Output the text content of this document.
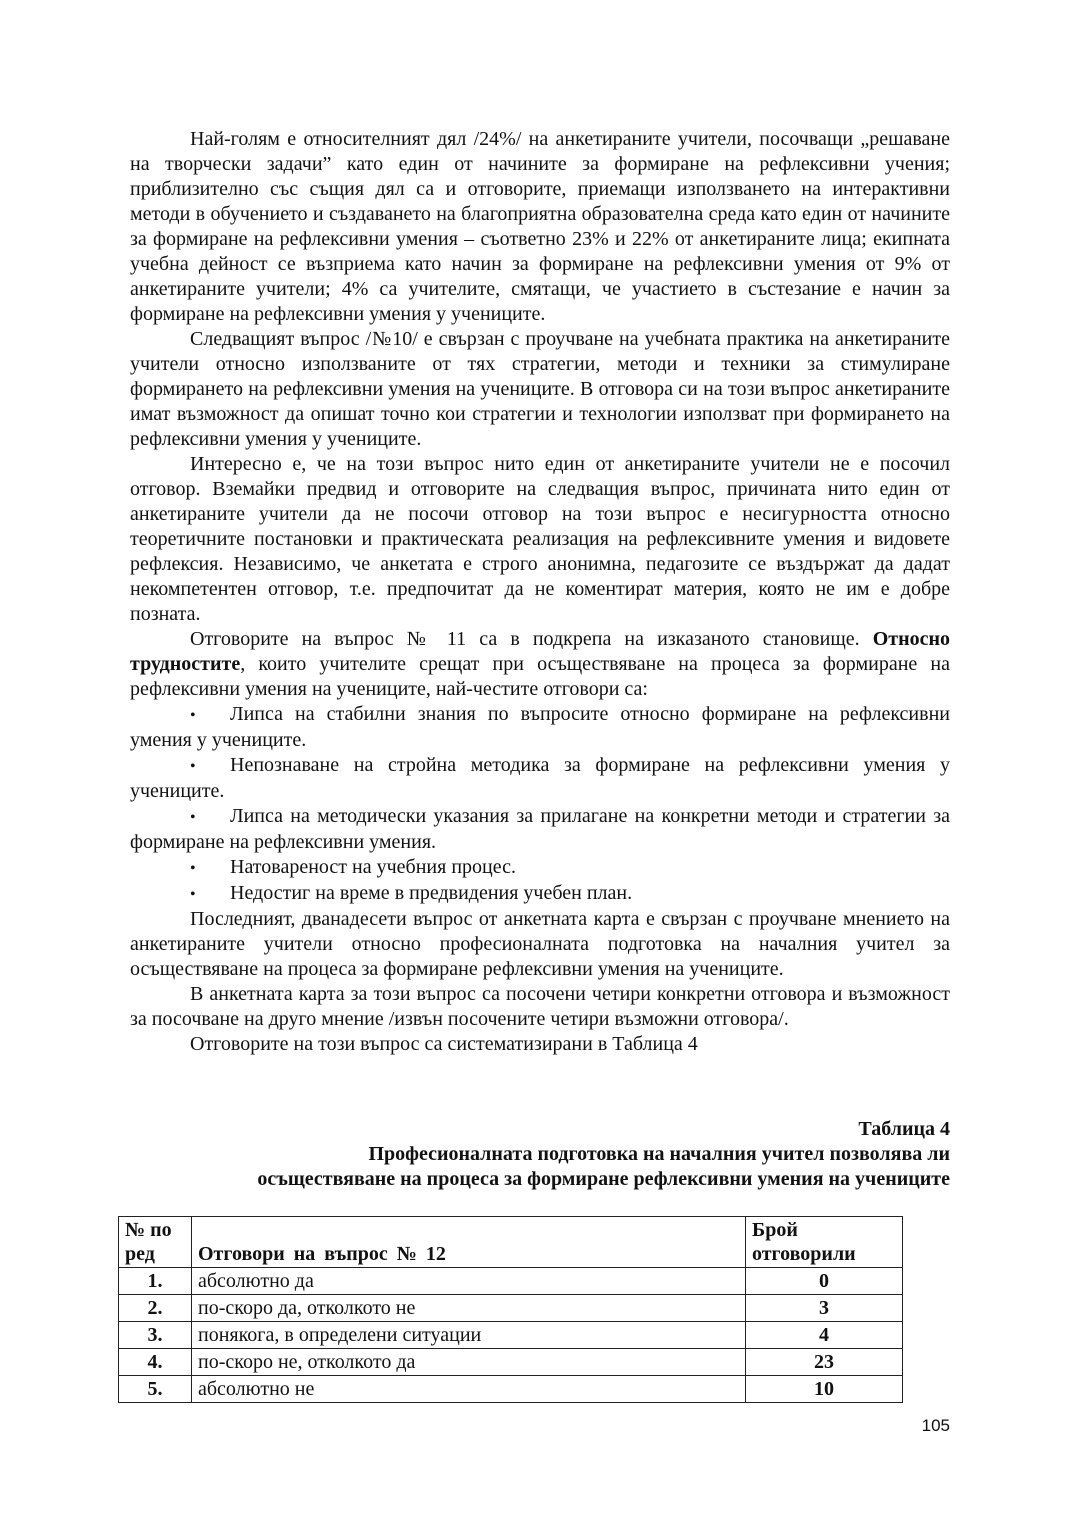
Най-голям е относителният дял /24%/ на анкетираните учители, посочващи „решаване на творчески задачи” като един от начините за формиране на рефлексивни учения; приблизително със същия дял са и отговорите, приемащи използването на интерактивни методи в обучението и създаването на благоприятна образователна среда като един от начините за формиране на рефлексивни умения – съответно 23% и 22% от анкетираните лица; екипната учебна дейност се възприема като начин за формиране на рефлексивни умения от 9% от анкетираните учители; 4% са учителите, смятащи, че участието в състезание е начин за формиране на рефлексивни умения у учениците.

Следващият въпрос /№10/ е свързан с проучване на учебната практика на анкетираните учители относно използваните от тях стратегии, методи и техники за стимулиране формирането на рефлексивни умения на учениците. В отговора си на този въпрос анкетираните имат възможност да опишат точно кои стратегии и технологии използват при формирането на рефлексивни умения у учениците.

Интересно е, че на този въпрос нито един от анкетираните учители не е посочил отговор. Вземайки предвид и отговорите на следващия въпрос, причината нито един от анкетираните учители да не посочи отговор на този въпрос е несигурността относно теоретичните постановки и практическата реализация на рефлексивните умения и видовете рефлексия. Независимо, че анкетата е строго анонимна, педагозите се въздържат да дадат некомпетентен отговор, т.е. предпочитат да не коментират материя, която не им е добре позната.

Отговорите на въпрос № 11 са в подкрепа на изказаното становище. Относно трудностите, които учителите срещат при осъществяване на процеса за формиране на рефлексивни умения на учениците, най-честите отговори са:

• Липса на стабилни знания по въпросите относно формиране на рефлексивни умения у учениците.
• Непознаване на стройна методика за формиране на рефлексивни умения у учениците.
• Липса на методически указания за прилагане на конкретни методи и стратегии за формиране на рефлексивни умения.
• Натовареност на учебния процес.
• Недостиг на време в предвидения учебен план.

Последният, дванадесети въпрос от анкетната карта е свързан с проучване мнението на анкетираните учители относно професионалната подготовка на началния учител за осъществяване на процеса за формиране рефлексивни умения на учениците.

В анкетната карта за този въпрос са посочени четири конкретни отговора и възможност за посочване на друго мнение /извън посочените четири възможни отговора/.

Отговорите на този въпрос са систематизирани в Таблица 4

Таблица 4
Професионалната подготовка на началния учител позволява ли
осъществяване на процеса за формиране рефлексивни умения на учениците
№ по
ред	Отговори на въпрос № 12	Брой
отговорили
1.	абсолютно да	0
2.	по-скоро да, отколкото не	3
3.	понякога, в определени ситуации	4
4.	по-скоро не, отколкото да	23
5.	абсолютно не	10
105
